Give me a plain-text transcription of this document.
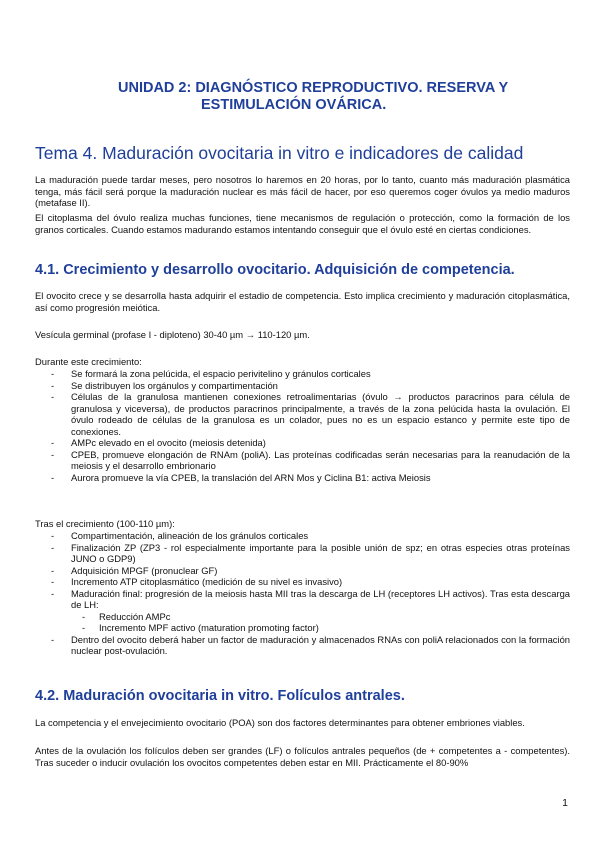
UNIDAD 2: DIAGNÓSTICO REPRODUCTIVO. RESERVA Y
ESTIMULACIÓN OVÁRICA.
Tema 4. Maduración ovocitaria in vitro e indicadores de calidad
La maduración puede tardar meses, pero nosotros lo haremos en 20 horas, por lo tanto, cuanto más maduración plasmática tenga, más fácil será porque la maduración nuclear es más fácil de hacer, por eso queremos coger óvulos ya medio maduros (metafase II).
El citoplasma del óvulo realiza muchas funciones, tiene mecanismos de regulación o protección, como la formación de los granos corticales. Cuando estamos madurando estamos intentando conseguir que el óvulo esté en ciertas condiciones.
4.1. Crecimiento y desarrollo ovocitario. Adquisición de competencia.
El ovocito crece y se desarrolla hasta adquirir el estadio de competencia. Esto implica crecimiento y maduración citoplasmática, así como progresión meiótica.
Vesícula germinal (profase I - diploteno) 30-40 µm → 110-120 µm.
Durante este crecimiento:
- Se formará la zona pelúcida, el espacio perivitelino y gránulos corticales
- Se distribuyen los orgánulos y compartimentación
- Células de la granulosa mantienen conexiones retroalimentarias (óvulo → productos paracrinos para célula de granulosa y viceversa), de productos paracrinos principalmente, a través de la zona pelúcida hasta la ovulación. El óvulo rodeado de células de la granulosa es un colador, pues no es un espacio estanco y permite este tipo de conexiones.
- AMPc elevado en el ovocito (meiosis detenida)
- CPEB, promueve elongación de RNAm (poliA). Las proteínas codificadas serán necesarias para la reanudación de la meiosis y el desarrollo embrionario
- Aurora promueve la vía CPEB, la translación del ARN Mos y Ciclina B1: activa Meiosis
Tras el crecimiento (100-110 µm):
- Compartimentación, alineación de los gránulos corticales
- Finalización ZP (ZP3 - rol especialmente importante para la posible unión de spz; en otras especies otras proteínas JUNO o GDP9)
- Adquisición MPGF (pronuclear GF)
- Incremento ATP citoplasmático (medición de su nivel es invasivo)
- Maduración final: progresión de la meiosis hasta MII tras la descarga de LH (receptores LH activos). Tras esta descarga de LH:
- Reducción AMPc
- Incremento MPF activo (maturation promoting factor)
- Dentro del ovocito deberá haber un factor de maduración y almacenados RNAs con poliA relacionados con la formación nuclear post-ovulación.
4.2. Maduración ovocitaria in vitro. Folículos antrales.
La competencia y el envejecimiento ovocitario (POA) son dos factores determinantes para obtener embriones viables.
Antes de la ovulación los folículos deben ser grandes (LF) o folículos antrales pequeños (de + competentes a - competentes). Tras suceder o inducir ovulación los ovocitos competentes deben estar en MII. Prácticamente el 80-90%
1
